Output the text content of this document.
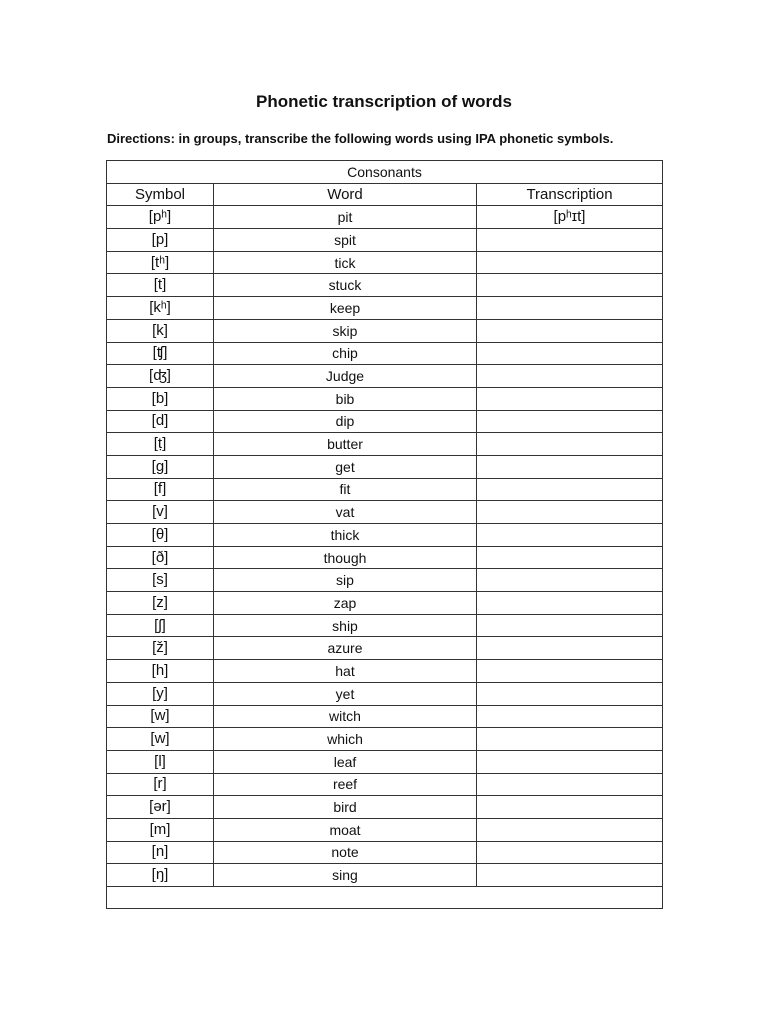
Phonetic transcription of words
Directions: in groups, transcribe the following words using IPA phonetic symbols.
Consonants		
Symbol	Word	Transcription
[pʰ]	pit	[pʰɪt]
[p]	spit	
[tʰ]	tick	
[t]	stuck	
[kʰ]	keep	
[k]	skip	
[ʧ]	chip	
[ʤ]	Judge	
[b]	bib	
[d]	dip	
[ṭ]	butter	
[g]	get	
[f]	fit	
[v]	vat	
[θ]	thick	
[ð]	though	
[s]	sip	
[z]	zap	
[ʃ]	ship	
[ž]	azure	
[h]	hat	
[y]	yet	
[w]	witch	
[w]	which	
[l]	leaf	
[r]	reef	
[ər]	bird	
[m]	moat	
[n]	note	
[ŋ]	sing	
